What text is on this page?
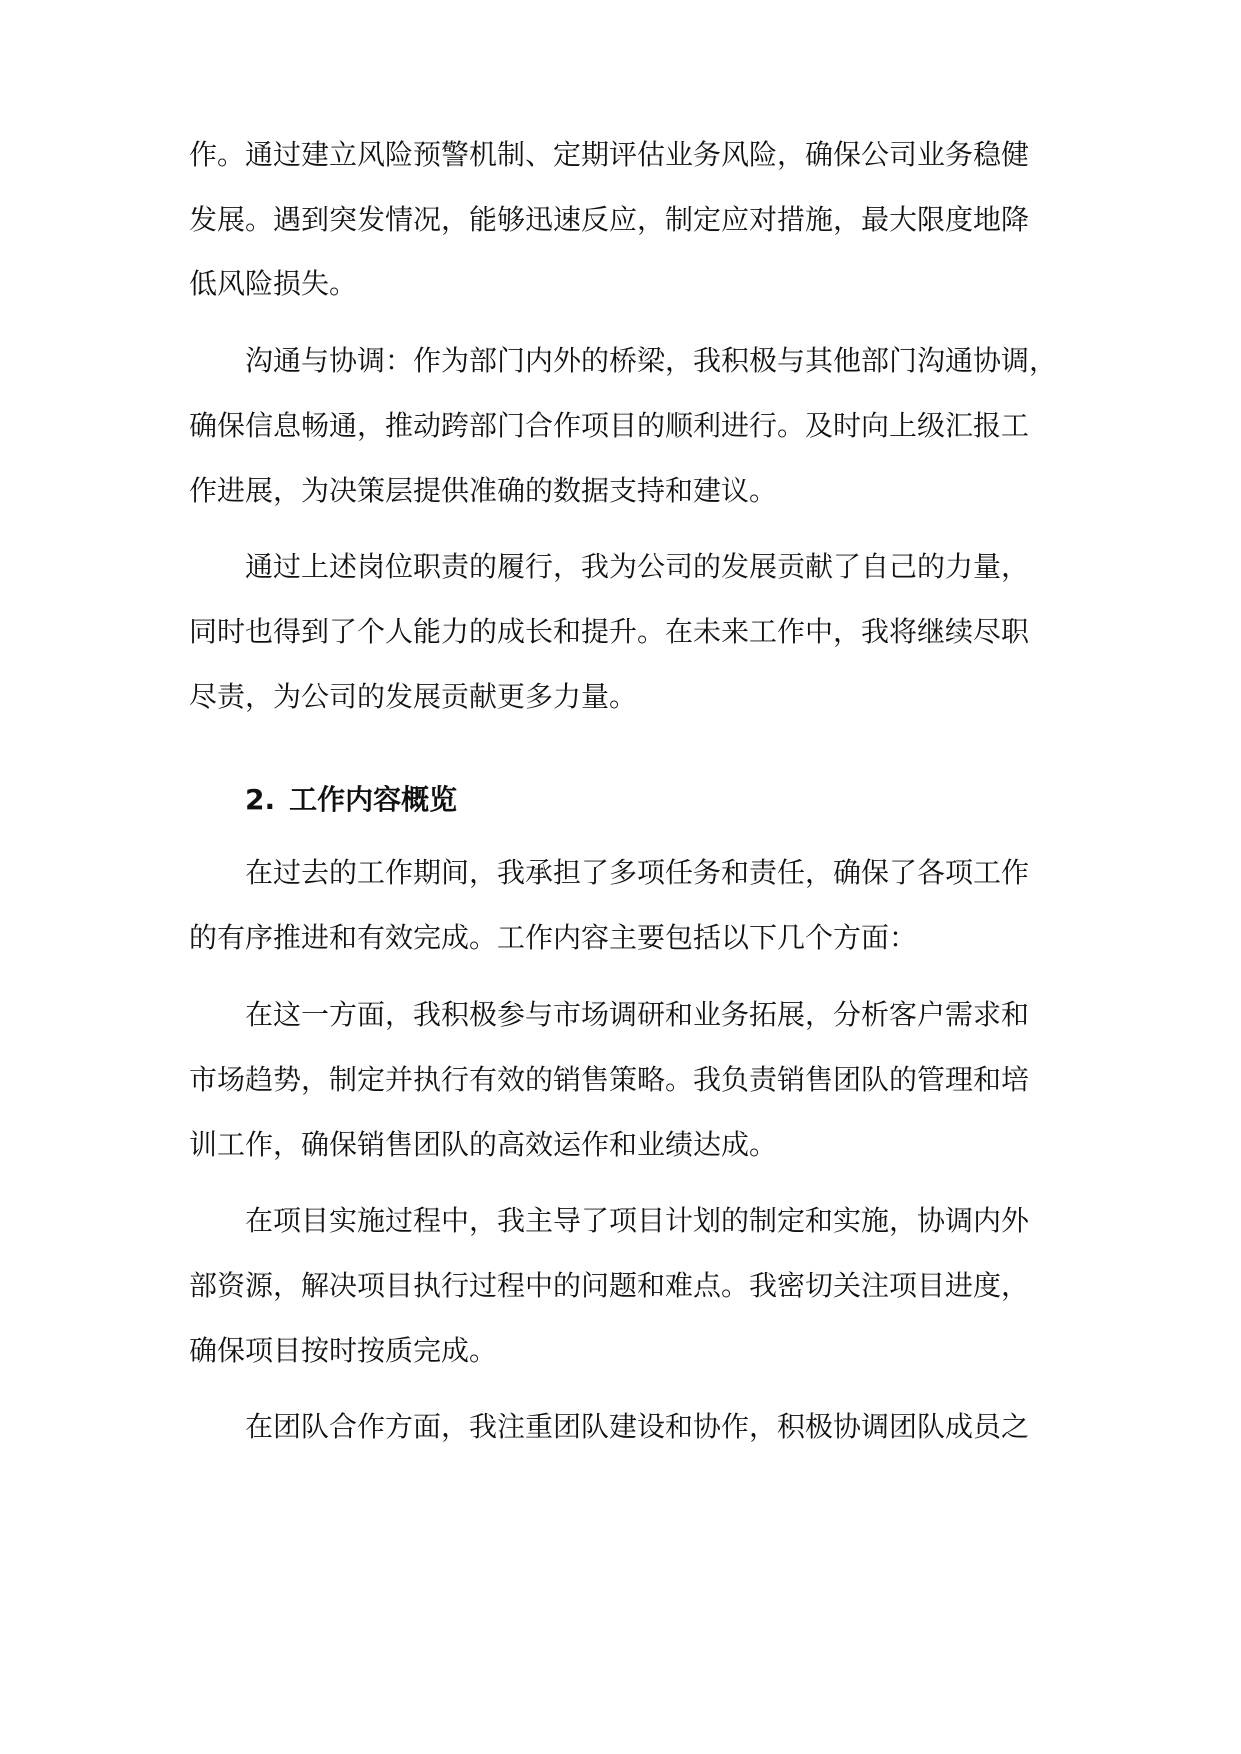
作。通过建立风险预警机制、定期评估业务风险，确保公司业务稳健

发展。遇到突发情况，能够迅速反应，制定应对措施，最大限度地降

低风险损失。

沟通与协调：作为部门内外的桥梁，我积极与其他部门沟通协调，

确保信息畅通，推动跨部门合作项目的顺利进行。及时向上级汇报工

作进展，为决策层提供准确的数据支持和建议。

通过上述岗位职责的履行，我为公司的发展贡献了自己的力量，

同时也得到了个人能力的成长和提升。在未来工作中，我将继续尽职

尽责，为公司的发展贡献更多力量。

2. 工作内容概览

在过去的工作期间，我承担了多项任务和责任，确保了各项工作

的有序推进和有效完成。工作内容主要包括以下几个方面：

在这一方面，我积极参与市场调研和业务拓展，分析客户需求和

市场趋势，制定并执行有效的销售策略。我负责销售团队的管理和培

训工作，确保销售团队的高效运作和业绩达成。

在项目实施过程中，我主导了项目计划的制定和实施，协调内外

部资源，解决项目执行过程中的问题和难点。我密切关注项目进度，

确保项目按时按质完成。

在团队合作方面，我注重团队建设和协作，积极协调团队成员之
